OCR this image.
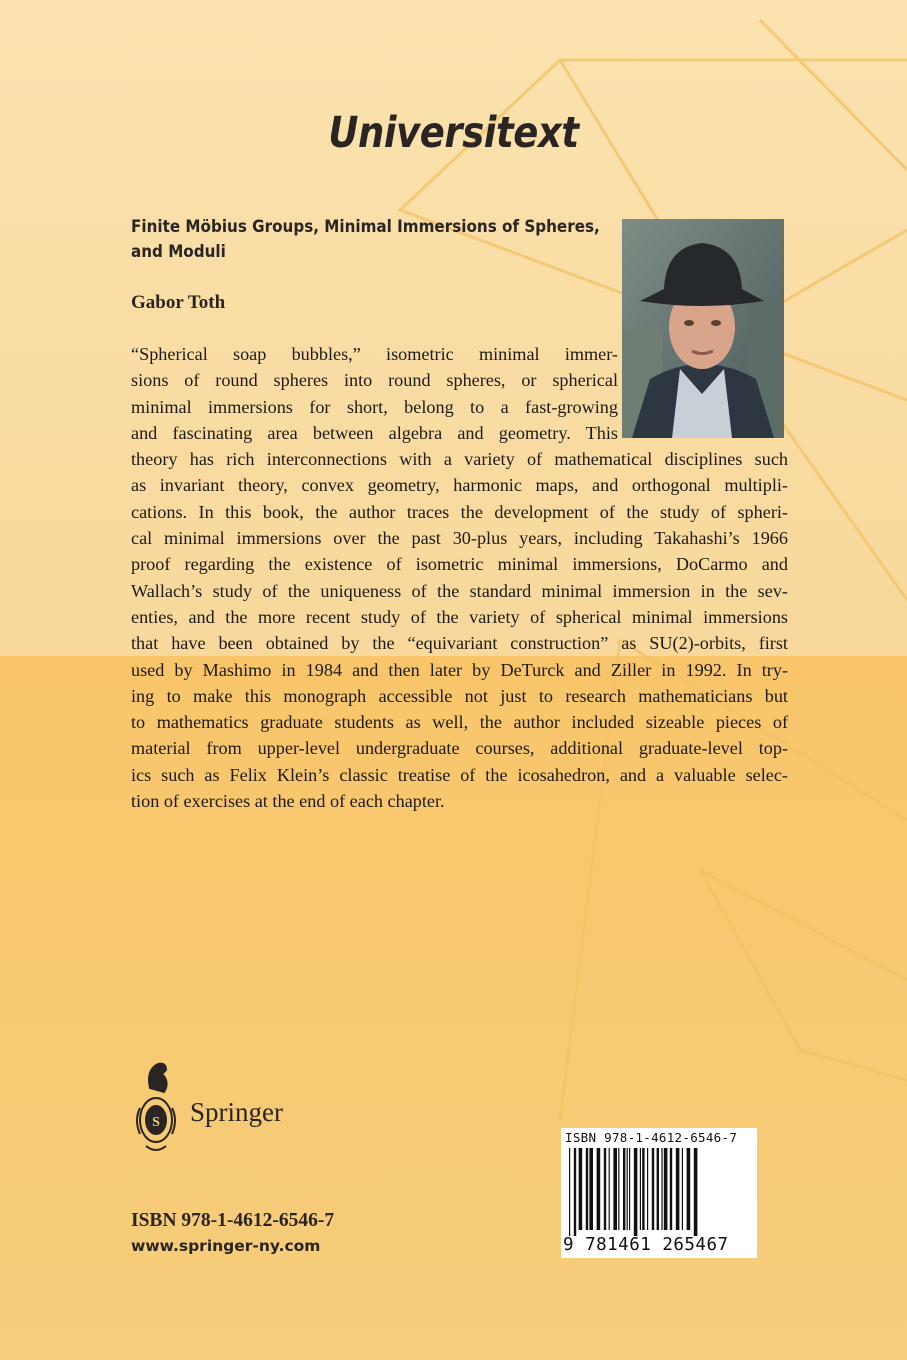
Universitext
Finite Möbius Groups, Minimal Immersions of Spheres,
and Moduli
Gabor Toth
“Spherical soap bubbles,” isometric minimal immer-
sions of round spheres into round spheres, or spherical
minimal immersions for short, belong to a fast-growing
and fascinating area between algebra and geometry. This
theory has rich interconnections with a variety of mathematical disciplines such
as invariant theory, convex geometry, harmonic maps, and orthogonal multipli-
cations. In this book, the author traces the development of the study of spheri-
cal minimal immersions over the past 30-plus years, including Takahashi’s 1966
proof regarding the existence of isometric minimal immersions, DoCarmo and
Wallach’s study of the uniqueness of the standard minimal immersion in the sev-
enties, and the more recent study of the variety of spherical minimal immersions
that have been obtained by the “equivariant construction” as SU(2)-orbits, first
used by Mashimo in 1984 and then later by DeTurck and Ziller in 1992. In try-
ing to make this monograph accessible not just to research mathematicians but
to mathematics graduate students as well, the author included sizeable pieces of
material from upper-level undergraduate courses, additional graduate-level top-
ics such as Felix Klein’s classic treatise of the icosahedron, and a valuable selec-
tion of exercises at the end of each chapter.
S Springer
ISBN 978-1-4612-6546-7
www.springer-ny.com
ISBN 978-1-4612-6546-7
9 781461 265467
